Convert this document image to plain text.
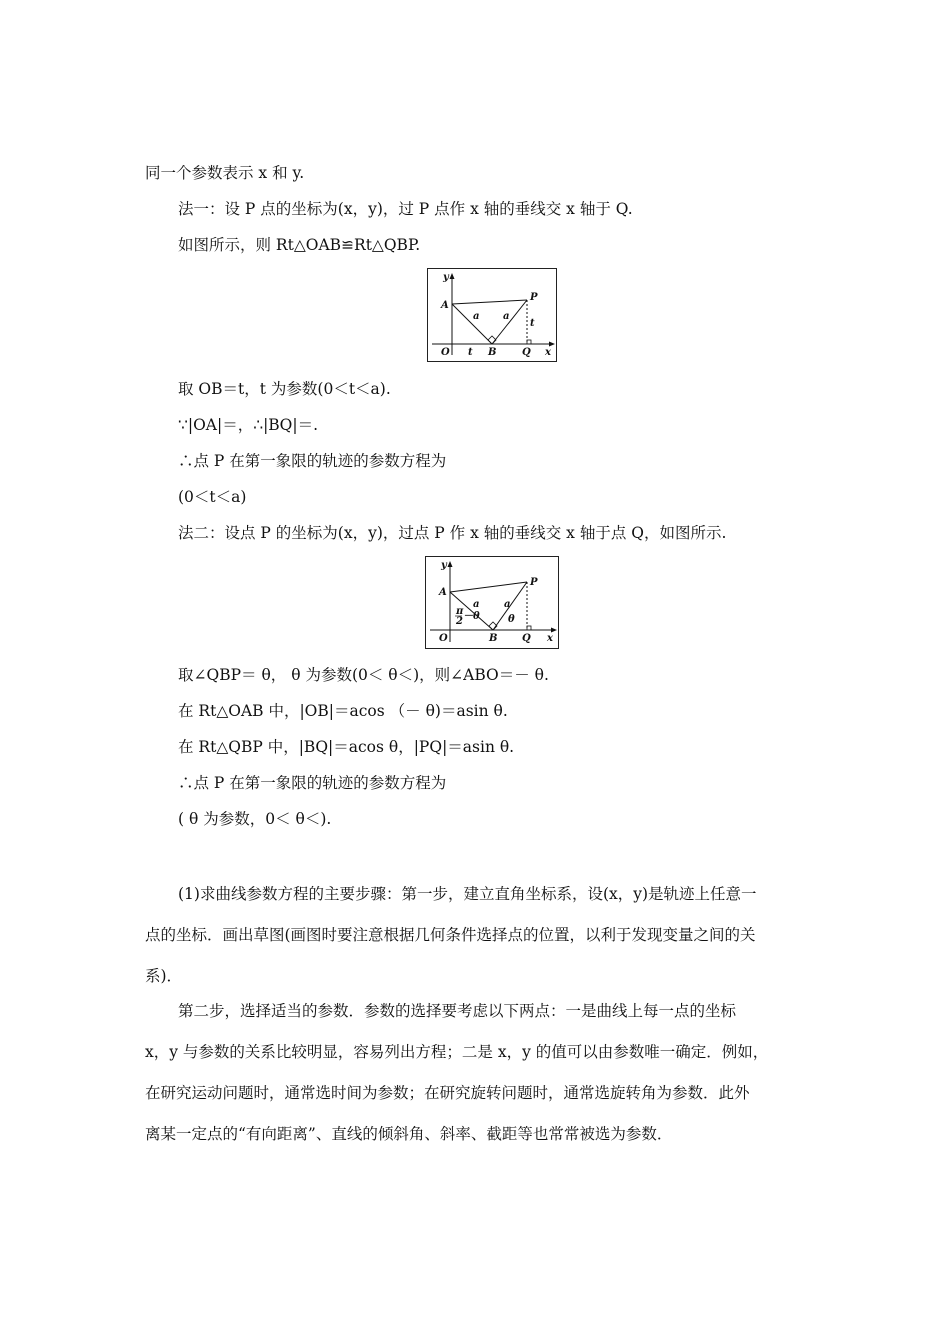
同一个参数表示 x 和 y.
法一：设 P 点的坐标为(x，y)，过 P 点作 x 轴的垂线交 x 轴于 Q.
如图所示，则 Rt△OAB≌Rt△QBP.
y
A
P
a a
t
O t B	Q x
取 OB＝t，t 为参数(0＜t＜a).
∵|OA|＝，∴|BQ|＝.
∴点 P 在第一象限的轨迹的参数方程为
(0＜t＜a)
法二：设点 P 的坐标为(x，y)，过点 P 作 x 轴的垂线交 x 轴于点 Q，如图所示.
y
A
P
a a
π
2 －θ	θ
O	B Q x
取∠QBP＝ θ， θ 为参数(0＜ θ＜)，则∠ABO＝－ θ.
在 Rt△OAB 中，|OB|＝acos （－ θ)＝asin θ.
在 Rt△QBP 中，|BQ|＝acos θ，|PQ|＝asin θ.
∴点 P 在第一象限的轨迹的参数方程为
( θ 为参数，0＜ θ＜).
(1)求曲线参数方程的主要步骤：第一步，建立直角坐标系，设(x，y)是轨迹上任意一
点的坐标．画出草图(画图时要注意根据几何条件选择点的位置，以利于发现变量之间的关
系)．
第二步，选择适当的参数．参数的选择要考虑以下两点：一是曲线上每一点的坐标
x，y 与参数的关系比较明显，容易列出方程；二是 x，y 的值可以由参数唯一确定．例如，
在研究运动问题时，通常选时间为参数；在研究旋转问题时，通常选旋转角为参数．此外
离某一定点的“有向距离”、直线的倾斜角、斜率、截距等也常常被选为参数．
